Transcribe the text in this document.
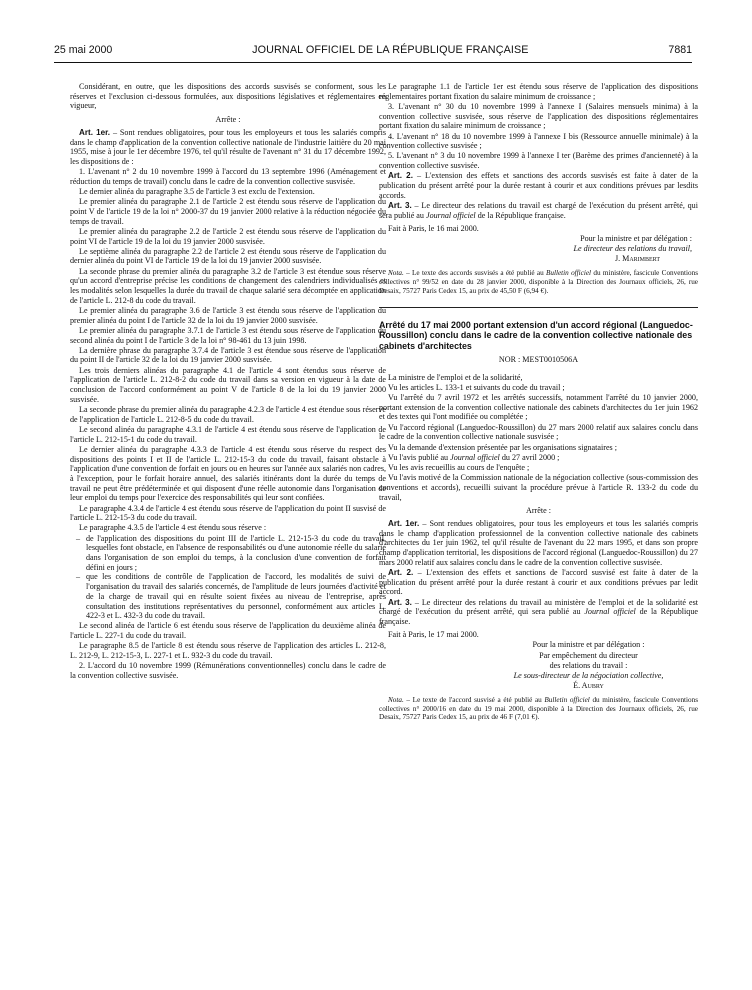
25 mai 2000	JOURNAL OFFICIEL DE LA RÉPUBLIQUE FRANÇAISE	7881

Considérant, en outre, que les dispositions des accords susvisés se conforment, sous les réserves et l'exclusion ci-dessous formulées, aux dispositions législatives et réglementaires en vigueur,

Arrête :

Art. 1er. – Sont rendues obligatoires, pour tous les employeurs et tous les salariés compris dans le champ d'application de la convention collective nationale de l'industrie laitière du 20 mai 1955, mise à jour le 1er décembre 1976, tel qu'il résulte de l'avenant n° 31 du 17 décembre 1992, les dispositions de :

1. L'avenant n° 2 du 10 novembre 1999 à l'accord du 13 septembre 1996 (Aménagement et réduction du temps de travail) conclu dans le cadre de la convention collective susvisée.

Le dernier alinéa du paragraphe 3.5 de l'article 3 est exclu de l'extension.

Le premier alinéa du paragraphe 2.1 de l'article 2 est étendu sous réserve de l'application du point V de l'article 19 de la loi n° 2000-37 du 19 janvier 2000 relative à la réduction négociée du temps de travail.

Le premier alinéa du paragraphe 2.2 de l'article 2 est étendu sous réserve de l'application du point VI de l'article 19 de la loi du 19 janvier 2000 susvisée.

Le septième alinéa du paragraphe 2.2 de l'article 2 est étendu sous réserve de l'application du dernier alinéa du point VI de l'article 19 de la loi du 19 janvier 2000 susvisée.

La seconde phrase du premier alinéa du paragraphe 3.2 de l'article 3 est étendue sous réserve qu'un accord d'entreprise précise les conditions de changement des calendriers individualisés et les modalités selon lesquelles la durée du travail de chaque salarié sera décomptée en application de l'article L. 212-8 du code du travail.

Le premier alinéa du paragraphe 3.6 de l'article 3 est étendu sous réserve de l'application du premier alinéa du point I de l'article 32 de la loi du 19 janvier 2000 susvisée.

Le premier alinéa du paragraphe 3.7.1 de l'article 3 est étendu sous réserve de l'application du second alinéa du point I de l'article 3 de la loi n° 98-461 du 13 juin 1998.

La dernière phrase du paragraphe 3.7.4 de l'article 3 est étendue sous réserve de l'application du point II de l'article 32 de la loi du 19 janvier 2000 susvisée.

Les trois derniers alinéas du paragraphe 4.1 de l'article 4 sont étendus sous réserve de l'application de l'article L. 212-8-2 du code du travail dans sa version en vigueur à la date de conclusion de l'accord conformément au point V de l'article 8 de la loi du 19 janvier 2000 susvisée.

La seconde phrase du premier alinéa du paragraphe 4.2.3 de l'article 4 est étendue sous réserve de l'application de l'article L. 212-8-5 du code du travail.

Le second alinéa du paragraphe 4.3.1 de l'article 4 est étendu sous réserve de l'application de l'article L. 212-15-1 du code du travail.

Le dernier alinéa du paragraphe 4.3.3 de l'article 4 est étendu sous réserve du respect des dispositions des points I et II de l'article L. 212-15-3 du code du travail, faisant obstacle à l'application d'une convention de forfait en jours ou en heures sur l'année aux salariés non cadres, à l'exception, pour le forfait horaire annuel, des salariés itinérants dont la durée du temps de travail ne peut être prédéterminée et qui disposent d'une réelle autonomie dans l'organisation de leur emploi du temps pour l'exercice des responsabilités qui leur sont confiées.

Le paragraphe 4.3.4 de l'article 4 est étendu sous réserve de l'application du point II susvisé de l'article L. 212-15-3 du code du travail.

Le paragraphe 4.3.5 de l'article 4 est étendu sous réserve :

– de l'application des dispositions du point III de l'article L. 212-15-3 du code du travail, lesquelles font obstacle, en l'absence de responsabilités ou d'une autonomie réelle du salarié dans l'organisation de son emploi du temps, à la conclusion d'une convention de forfait défini en jours ;
– que les conditions de contrôle de l'application de l'accord, les modalités de suivi de l'organisation du travail des salariés concernés, de l'amplitude de leurs journées d'activité et de la charge de travail qui en résulte soient fixées au niveau de l'entreprise, après consultation des institutions représentatives du personnel, conformément aux articles L. 422-3 et L. 432-3 du code du travail.

Le second alinéa de l'article 6 est étendu sous réserve de l'application du deuxième alinéa de l'article L. 227-1 du code du travail.

Le paragraphe 8.5 de l'article 8 est étendu sous réserve de l'application des articles L. 212-8, L. 212-9, L. 212-15-3, L. 227-1 et L. 932-3 du code du travail.

2. L'accord du 10 novembre 1999 (Rémunérations conventionnelles) conclu dans le cadre de la convention collective susvisée.

Le paragraphe 1.1 de l'article 1er est étendu sous réserve de l'application des dispositions réglementaires portant fixation du salaire minimum de croissance ;

3. L'avenant n° 30 du 10 novembre 1999 à l'annexe I (Salaires mensuels minima) à la convention collective susvisée, sous réserve de l'application des dispositions réglementaires portant fixation du salaire minimum de croissance ;

4. L'avenant n° 18 du 10 novembre 1999 à l'annexe I bis (Ressource annuelle minimale) à la convention collective susvisée ;

5. L'avenant n° 3 du 10 novembre 1999 à l'annexe I ter (Barème des primes d'ancienneté) à la convention collective susvisée.

Art. 2. – L'extension des effets et sanctions des accords susvisés est faite à dater de la publication du présent arrêté pour la durée restant à courir et aux conditions prévues par lesdits accords.

Art. 3. – Le directeur des relations du travail est chargé de l'exécution du présent arrêté, qui sera publié au Journal officiel de la République française.

Fait à Paris, le 16 mai 2000.

Pour la ministre et par délégation :

Le directeur des relations du travail,

J. Marimbert

Nota. – Le texte des accords susvisés a été publié au Bulletin officiel du ministère, fascicule Conventions collectives n° 99/52 en date du 28 janvier 2000, disponible à la Direction des Journaux officiels, 26, rue Desaix, 75727 Paris Cedex 15, au prix de 45,50 F (6,94 €).

Arrêté du 17 mai 2000 portant extension d'un accord régional (Languedoc-Roussillon) conclu dans le cadre de la convention collective nationale des cabinets d'architectes

NOR : MEST0010506A

La ministre de l'emploi et de la solidarité,

Vu les articles L. 133-1 et suivants du code du travail ;

Vu l'arrêté du 7 avril 1972 et les arrêtés successifs, notamment l'arrêté du 10 janvier 2000, portant extension de la convention collective nationale des cabinets d'architectes du 1er juin 1962 et des textes qui l'ont modifiée ou complétée ;

Vu l'accord régional (Languedoc-Roussillon) du 27 mars 2000 relatif aux salaires conclu dans le cadre de la convention collective nationale susvisée ;

Vu la demande d'extension présentée par les organisations signataires ;

Vu l'avis publié au Journal officiel du 27 avril 2000 ;

Vu les avis recueillis au cours de l'enquête ;

Vu l'avis motivé de la Commission nationale de la négociation collective (sous-commission des conventions et accords), recueilli suivant la procédure prévue à l'article R. 133-2 du code du travail,

Arrête :

Art. 1er. – Sont rendues obligatoires, pour tous les employeurs et tous les salariés compris dans le champ d'application professionnel de la convention collective nationale des cabinets d'architectes du 1er juin 1962, tel qu'il résulte de l'avenant du 22 mars 1995, et dans son propre champ d'application territorial, les dispositions de l'accord régional (Languedoc-Roussillon) du 27 mars 2000 relatif aux salaires conclu dans le cadre de la convention collective susvisée.

Art. 2. – L'extension des effets et sanctions de l'accord susvisé est faite à dater de la publication du présent arrêté pour la durée restant à courir et aux conditions prévues par ledit accord.

Art. 3. – Le directeur des relations du travail au ministère de l'emploi et de la solidarité est chargé de l'exécution du présent arrêté, qui sera publié au Journal officiel de la République française.

Fait à Paris, le 17 mai 2000.

Pour la ministre et par délégation :

Par empêchement du directeur

des relations du travail :

Le sous-directeur de la négociation collective,

É. Aubry

Nota. – Le texte de l'accord susvisé a été publié au Bulletin officiel du ministère, fascicule Conventions collectives n° 2000/16 en date du 19 mai 2000, disponible à la Direction des Journaux officiels, 26, rue Desaix, 75727 Paris Cedex 15, au prix de 46 F (7,01 €).
